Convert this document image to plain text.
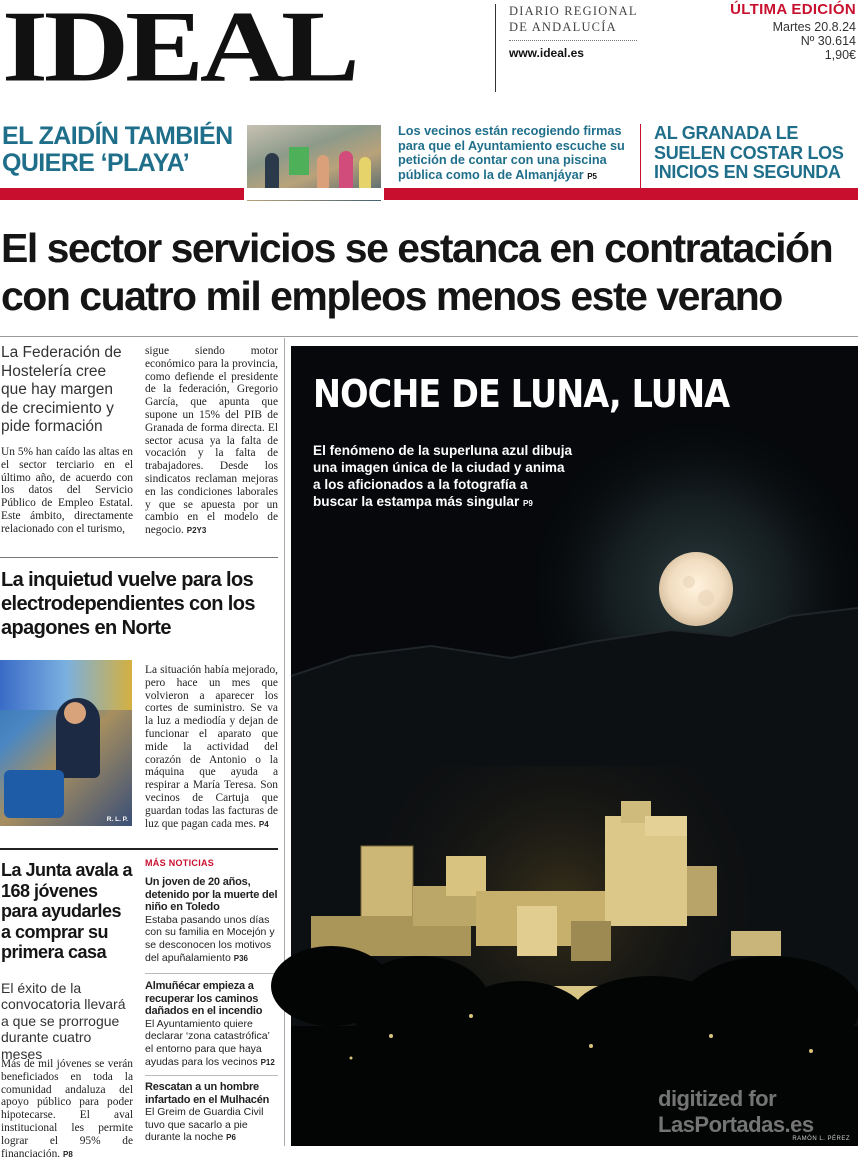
IDEAL	DIARIO REGIONAL DE ANDALUCÍA
www.ideal.es
ÚLTIMA EDICIÓN
Martes 20.8.24
Nº 30.614
1,90€
EL ZAIDÍN TAMBIÉN QUIERE ‘PLAYA’
Los vecinos están recogiendo firmas para que el Ayuntamiento escuche su petición de contar con una piscina pública como la de Almanjáyar P5
AL GRANADA LE SUELEN COSTAR LOS INICIOS EN SEGUNDA
El sector servicios se estanca en contratación con cuatro mil empleos menos este verano
La Federación de Hostelería cree que hay margen de crecimiento y pide formación
Un 5% han caído las altas en el sector terciario en el último año, de acuerdo con los datos del Servicio Público de Empleo Estatal. Este ámbito, directamente relacionado con el turismo,
sigue siendo motor económico para la provincia, como defiende el presidente de la federación, Gregorio García, que apunta que supone un 15% del PIB de Granada de forma directa. El sector acusa ya la falta de vocación y la falta de trabajadores. Desde los sindicatos reclaman mejoras en las condiciones laborales y que se apuesta por un cambio en el modelo de negocio. P2Y3
La inquietud vuelve para los electrodependientes con los apagones en Norte
R. L. P.
La situación había mejorado, pero hace un mes que volvieron a aparecer los cortes de suministro. Se va la luz a mediodía y dejan de funcionar el aparato que mide la actividad del corazón de Antonio o la máquina que ayuda a respirar a María Teresa. Son vecinos de Cartuja que guardan todas las facturas de luz que pagan cada mes. P4
La Junta avala a 168 jóvenes para ayudarles a comprar su primera casa
El éxito de la convocatoria llevará a que se prorrogue durante cuatro meses
Más de mil jóvenes se verán beneficiados en toda la comunidad andaluza del apoyo público para poder hipotecarse. El aval institucional les permite lograr el 95% de financiación. P8
MÁS NOTICIAS
Un joven de 20 años, detenido por la muerte del niño en Toledo
Estaba pasando unos días con su familia en Mocejón y se desconocen los motivos del apuñalamiento P36
Almuñécar empieza a recuperar los caminos dañados en el incendio
El Ayuntamiento quiere declarar ‘zona catastrófica’ el entorno para que haya ayudas para los vecinos P12
Rescatan a un hombre infartado en el Mulhacén
El Greim de Guardia Civil tuvo que sacarlo a pie durante la noche P6
NOCHE DE LUNA, LUNA
El fenómeno de la superluna azul dibuja una imagen única de la ciudad y anima a los aficionados a la fotografía a buscar la estampa más singular P9
RAMÓN L. PÉREZ
digitized for
LasPortadas.es
